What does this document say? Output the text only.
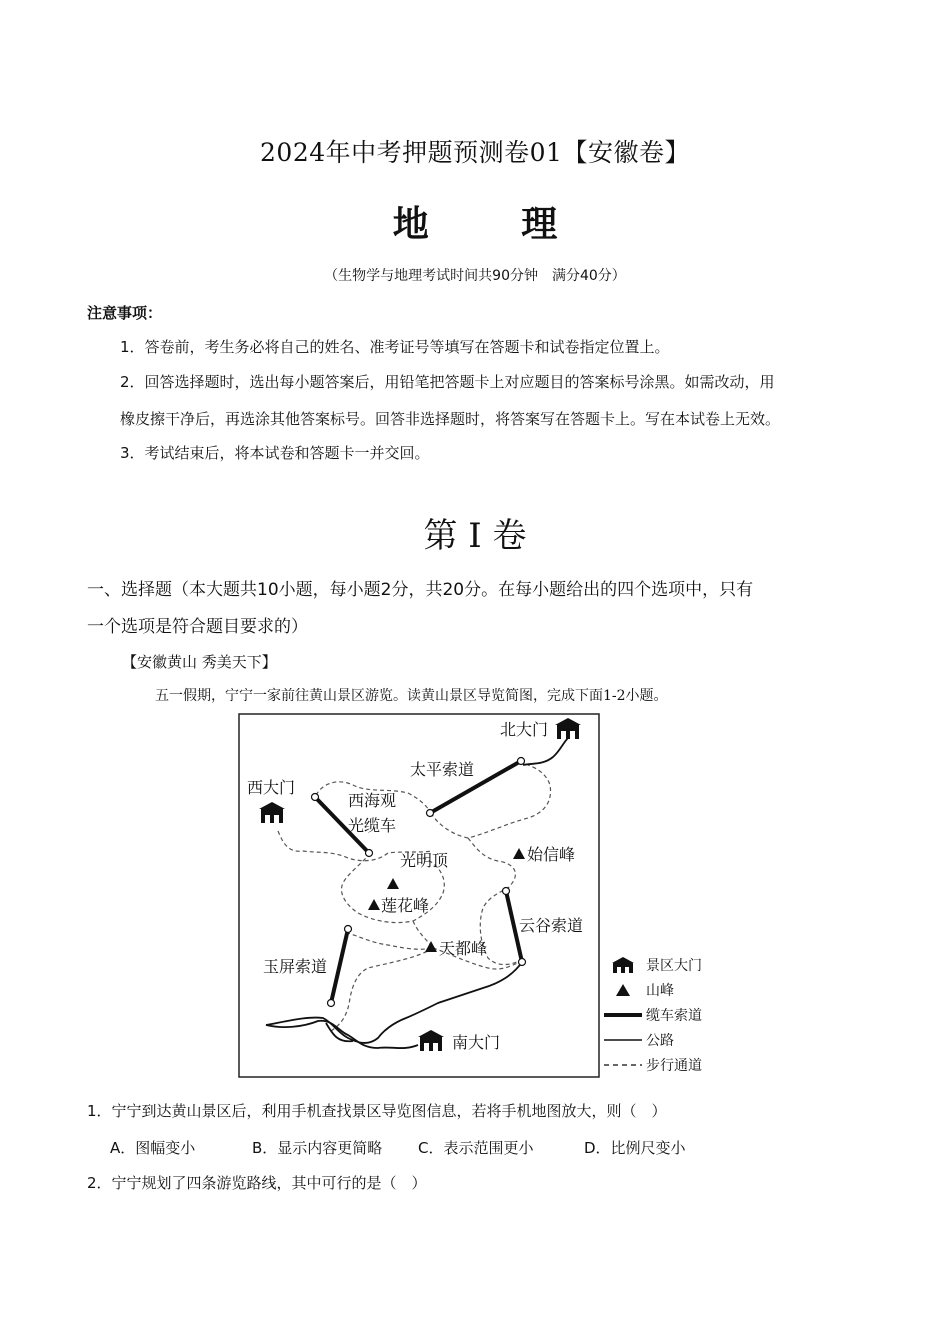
2024年中考押题预测卷01【安徽卷】
地 理
（生物学与地理考试时间共90分钟　满分40分）
注意事项：
1．答卷前，考生务必将自己的姓名、准考证号等填写在答题卡和试卷指定位置上。
2．回答选择题时，选出每小题答案后，用铅笔把答题卡上对应题目的答案标号涂黑。如需改动，用
橡皮擦干净后，再选涂其他答案标号。回答非选择题时，将答案写在答题卡上。写在本试卷上无效。
3．考试结束后，将本试卷和答题卡一并交回。
第 I 卷
一、选择题（本大题共10小题，每小题2分，共20分。在每小题给出的四个选项中，只有
一个选项是符合题目要求的）
【安徽黄山 秀美天下】
五一假期，宁宁一家前往黄山景区游览。读黄山景区导览简图，完成下面1-2小题。
北大门
西大门
南大门
太平索道
西海观
光缆车
光明顶	始信峰
莲花峰
云谷索道
天都峰
玉屏索道	景区大门
山峰
缆车索道
公路
步行通道
1．宁宁到达黄山景区后，利用手机查找景区导览图信息，若将手机地图放大，则（　）
A．图幅变小	B．显示内容更简略 C．表示范围更小	D．比例尺变小
2．宁宁规划了四条游览路线，其中可行的是（　）
